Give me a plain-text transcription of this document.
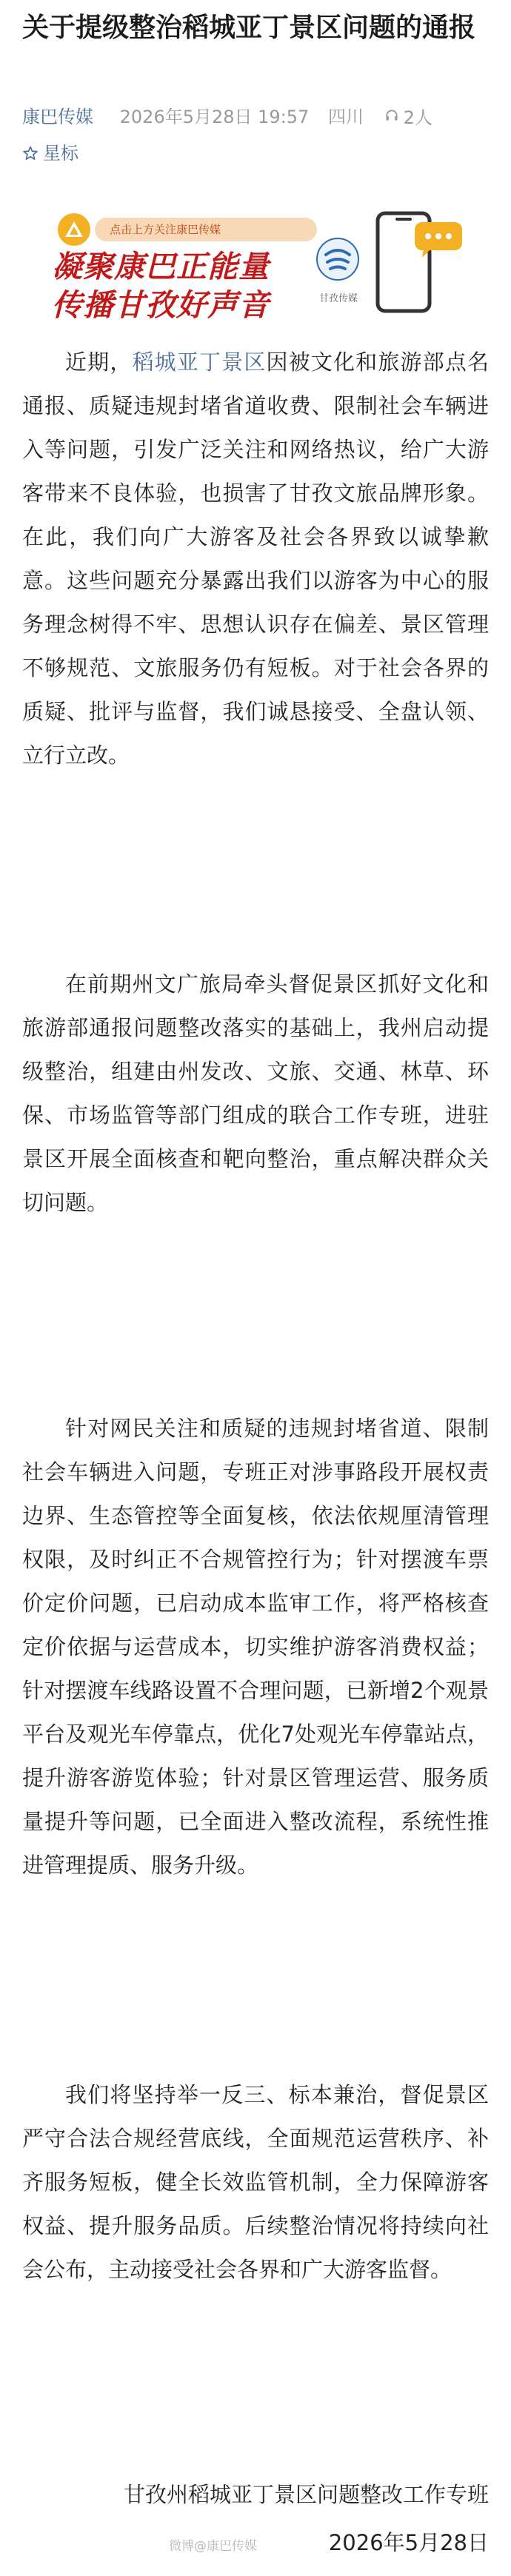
关于提级整治稻城亚丁景区问题的通报
康巴传媒 2026年5月28日 19:57 四川 2人
星标
点击上方关注康巴传媒
凝聚康巴正能量
传播甘孜好声音	甘孜传媒

近期，稻城亚丁景区因被文化和旅游部点名通报、质疑违规封堵省道收费、限制社会车辆进入等问题，引发广泛关注和网络热议，给广大游客带来不良体验，也损害了甘孜文旅品牌形象。在此，我们向广大游客及社会各界致以诚挚歉意。这些问题充分暴露出我们以游客为中心的服务理念树得不牢、思想认识存在偏差、景区管理不够规范、文旅服务仍有短板。对于社会各界的质疑、批评与监督，我们诚恳接受、全盘认领、立行立改。

在前期州文广旅局牵头督促景区抓好文化和旅游部通报问题整改落实的基础上，我州启动提级整治，组建由州发改、文旅、交通、林草、环保、市场监管等部门组成的联合工作专班，进驻景区开展全面核查和靶向整治，重点解决群众关切问题。

针对网民关注和质疑的违规封堵省道、限制社会车辆进入问题，专班正对涉事路段开展权责边界、生态管控等全面复核，依法依规厘清管理权限，及时纠正不合规管控行为；针对摆渡车票价定价问题，已启动成本监审工作，将严格核查定价依据与运营成本，切实维护游客消费权益；针对摆渡车线路设置不合理问题，已新增2个观景平台及观光车停靠点，优化7处观光车停靠站点，提升游客游览体验；针对景区管理运营、服务质量提升等问题，已全面进入整改流程，系统性推进管理提质、服务升级。

我们将坚持举一反三、标本兼治，督促景区严守合法合规经营底线，全面规范运营秩序、补齐服务短板，健全长效监管机制，全力保障游客权益、提升服务品质。后续整治情况将持续向社会公布，主动接受社会各界和广大游客监督。

甘孜州稻城亚丁景区问题整改工作专班

微博@康巴传媒	2026年5月28日
